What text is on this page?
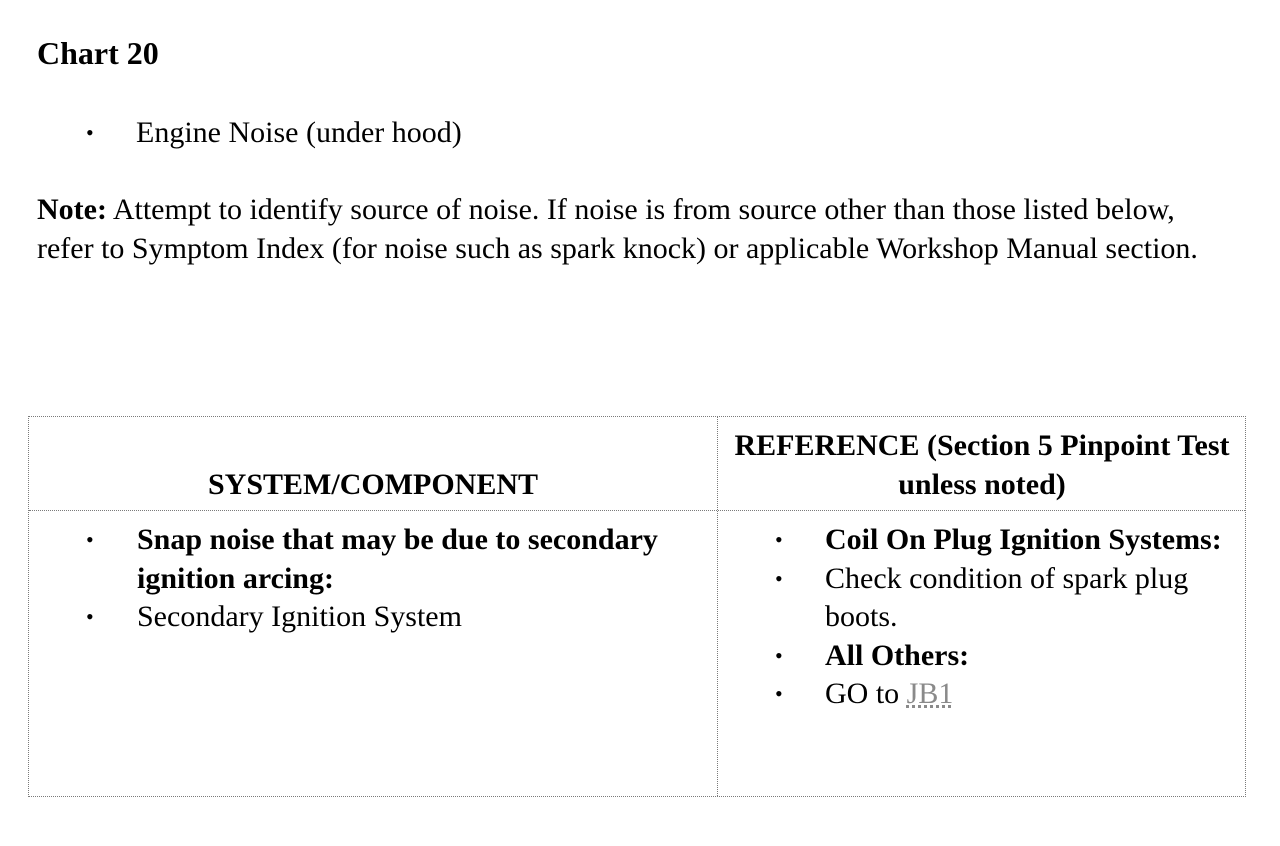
Chart 20
• Engine Noise (under hood)

Note: Attempt to identify source of noise. If noise is from source other than those listed below, refer to Symptom Index (for noise such as spark knock) or applicable Workshop Manual section.

SYSTEM/COMPONENT
REFERENCE (Section 5 Pinpoint Test unless noted)
• Snap noise that may be due to secondary ignition arcing:
• Secondary Ignition System
• Coil On Plug Ignition Systems:
• Check condition of spark plug boots.
• All Others:
• GO to JB1
